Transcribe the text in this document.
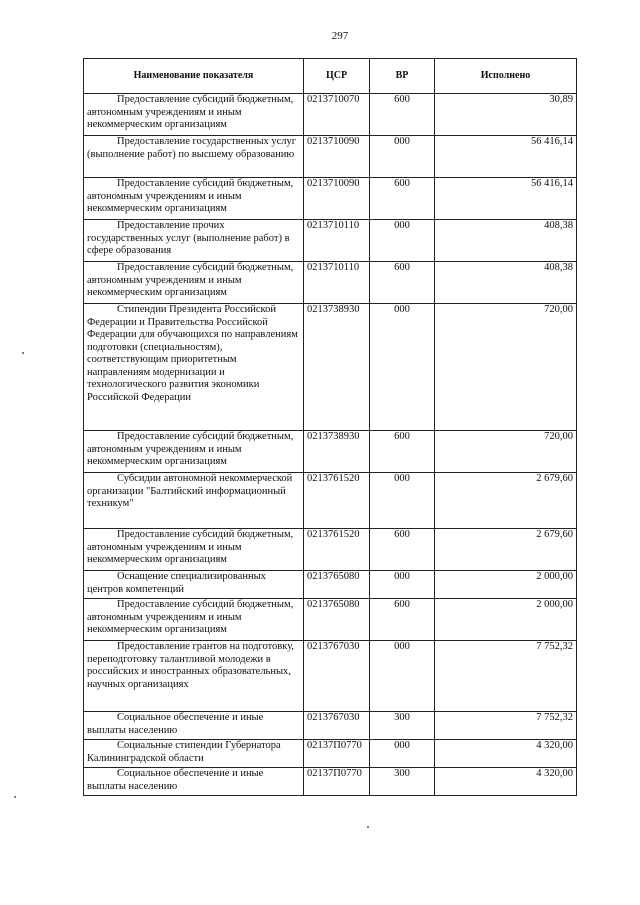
297
Наименование показателя	ЦСР	ВР	Исполнено

Предоставление субсидий бюджетным, автономным учреждениям и иным некоммерческим организациям	0213710070	600	30,89

Предоставление государственных услуг (выполнение работ) по высшему образованию	0213710090	000	56 416,14

Предоставление субсидий бюджетным, автономным учреждениям и иным некоммерческим организациям	0213710090	600	56 416,14

Предоставление прочих государственных услуг (выполнение работ) в сфере образования	0213710110	000	408,38

Предоставление субсидий бюджетным, автономным учреждениям и иным некоммерческим организациям	0213710110	600	408,38

Стипендии Президента Российской Федерации и Правительства Российской Федерации для обучающихся по направлениям подготовки (специальностям), соответствующим приоритетным направлениям модернизации и технологического развития экономики Российской Федерации	0213738930	000	720,00

Предоставление субсидий бюджетным, автономным учреждениям и иным некоммерческим организациям	0213738930	600	720,00

Субсидии автономной некоммерческой организации "Балтийский информационный техникум"	0213761520	000	2 679,60

Предоставление субсидий бюджетным, автономным учреждениям и иным некоммерческим организациям	0213761520	600	2 679,60

Оснащение специализированных центров компетенций	0213765080	000	2 000,00

Предоставление субсидий бюджетным, автономным учреждениям и иным некоммерческим организациям	0213765080	600	2 000,00

Предоставление грантов на подготовку, переподготовку талантливой молодежи в российских и иностранных образовательных, научных организациях	0213767030	000	7 752,32

Социальное обеспечение и иные выплаты населению	0213767030	300	7 752,32

Социальные стипендии Губернатора Калининградской области	02137П0770	000	4 320,00

Социальное обеспечение и иные выплаты населению	02137П0770	300	4 320,00
